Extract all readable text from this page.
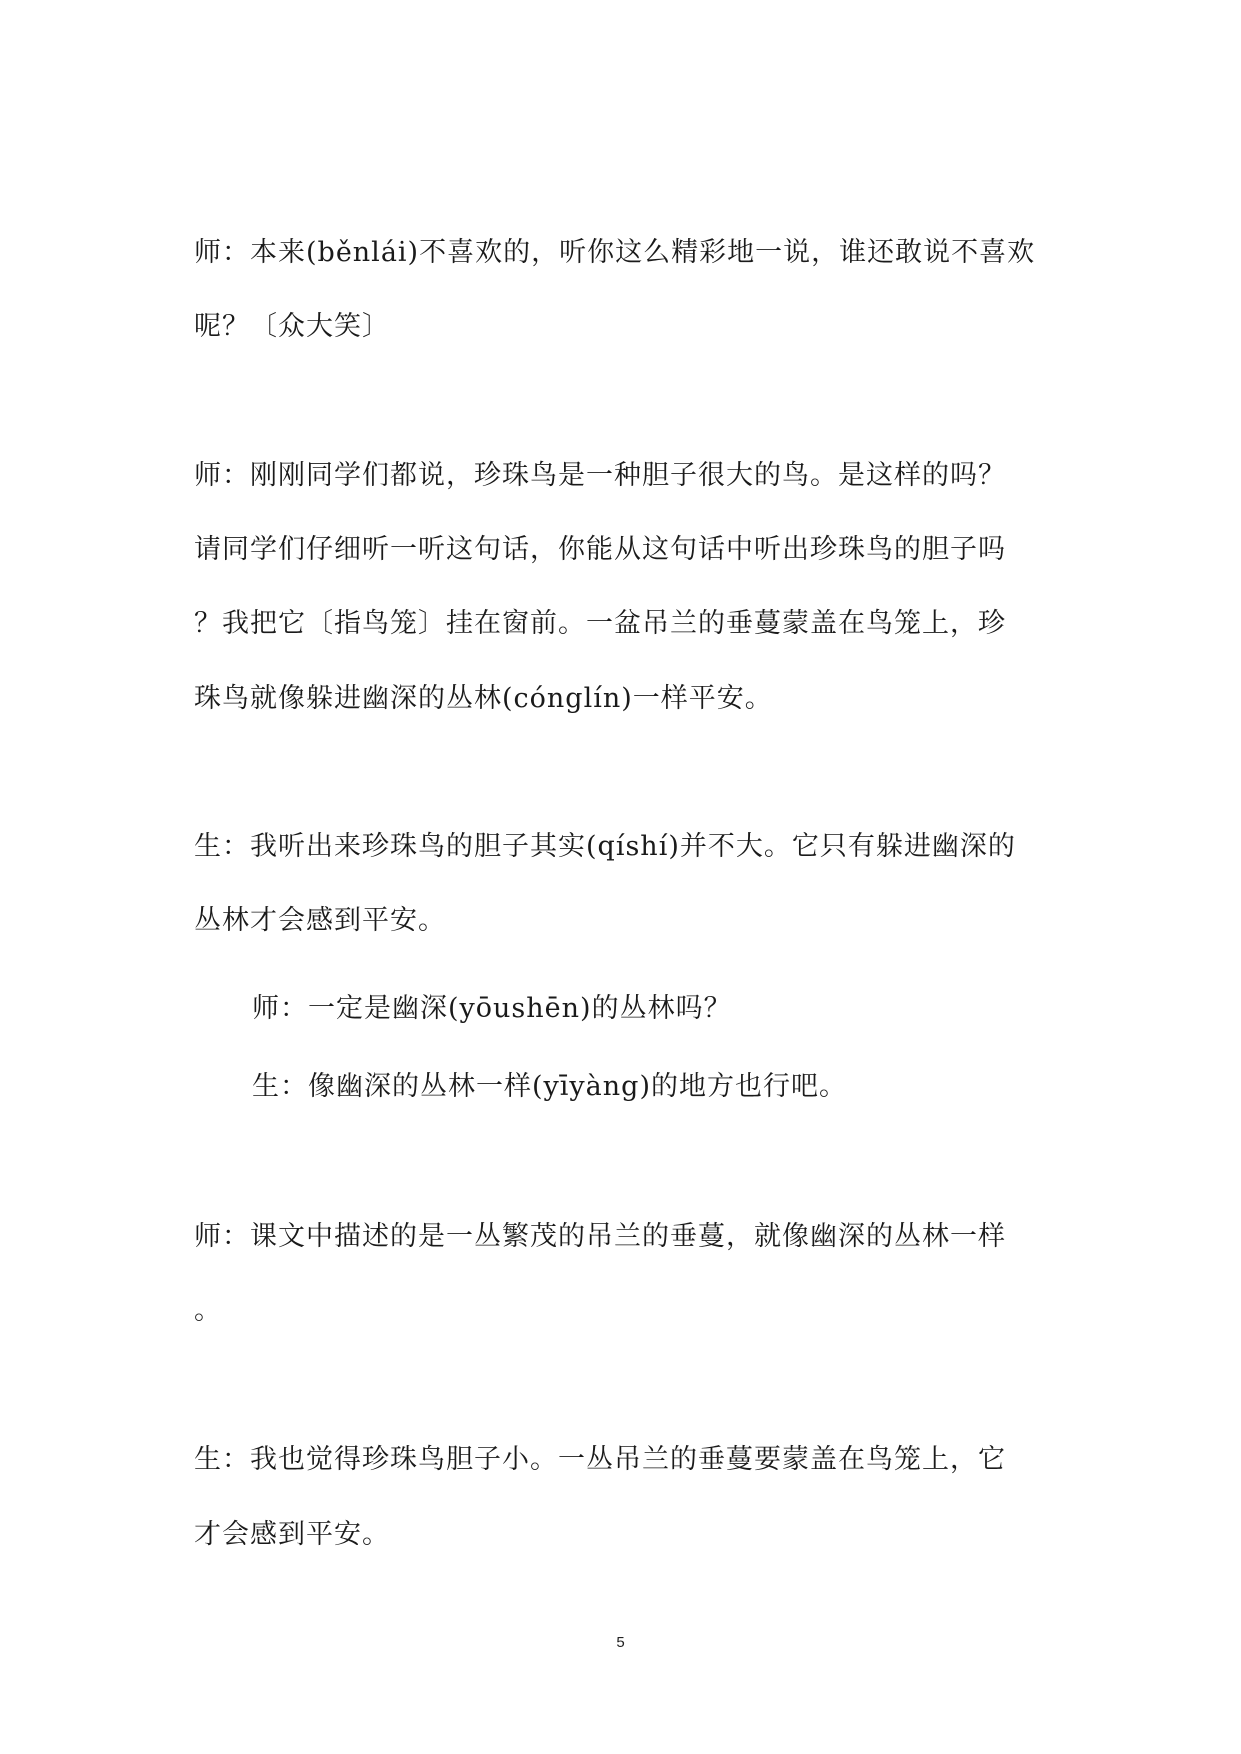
师：本来(běnlái)不喜欢的，听你这么精彩地一说，谁还敢说不喜欢
呢？〔众大笑〕
师：刚刚同学们都说，珍珠鸟是一种胆子很大的鸟。是这样的吗？
请同学们仔细听一听这句话，你能从这句话中听出珍珠鸟的胆子吗
？我把它〔指鸟笼〕挂在窗前。一盆吊兰的垂蔓蒙盖在鸟笼上，珍
珠鸟就像躲进幽深的丛林(cónglín)一样平安。
生：我听出来珍珠鸟的胆子其实(qíshí)并不大。它只有躲进幽深的
丛林才会感到平安。
师：一定是幽深(yōushēn)的丛林吗？
生：像幽深的丛林一样(yīyàng)的地方也行吧。
师：课文中描述的是一丛繁茂的吊兰的垂蔓，就像幽深的丛林一样
。
生：我也觉得珍珠鸟胆子小。一丛吊兰的垂蔓要蒙盖在鸟笼上，它
才会感到平安。
5
